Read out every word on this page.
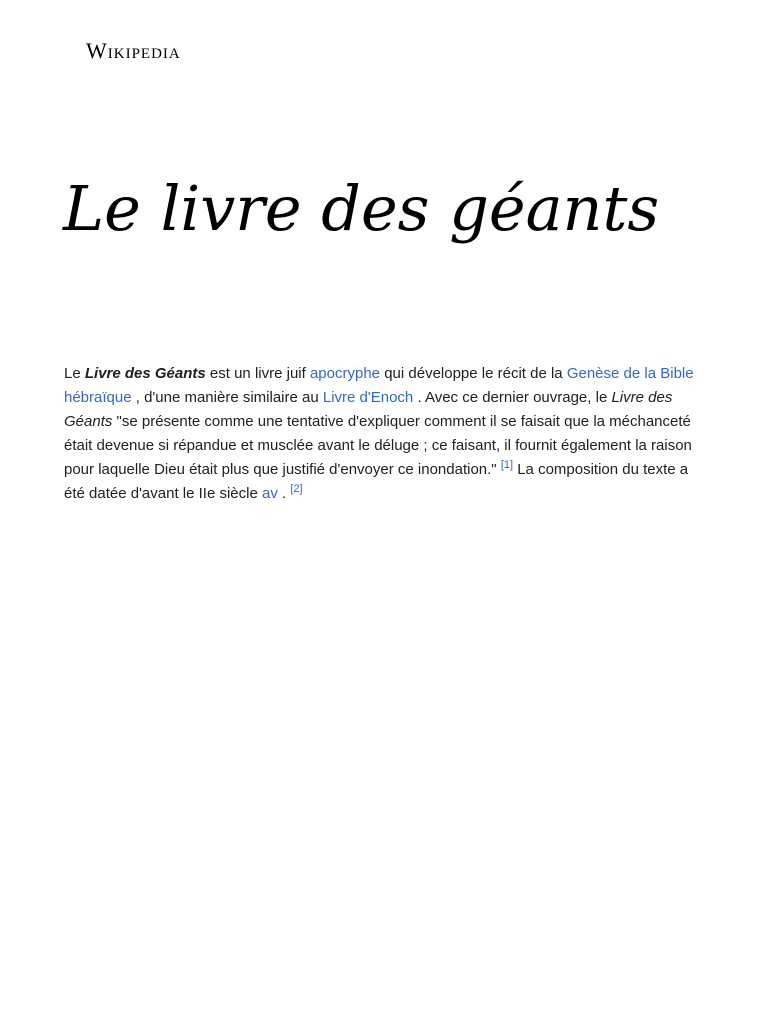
Wikipedia
Le livre des géants

Le Livre des Géants est un livre juif apocryphe qui développe le récit de la Genèse de la Bible hébraïque , d'une manière similaire au Livre d'Enoch . Avec ce dernier ouvrage, le Livre des Géants "se présente comme une tentative d'expliquer comment il se faisait que la méchanceté était devenue si répandue et musclée avant le déluge ; ce faisant, il fournit également la raison pour laquelle Dieu était plus que justifié d'envoyer ce inondation." [1] La composition du texte a été datée d'avant le IIe siècle av . [2]
